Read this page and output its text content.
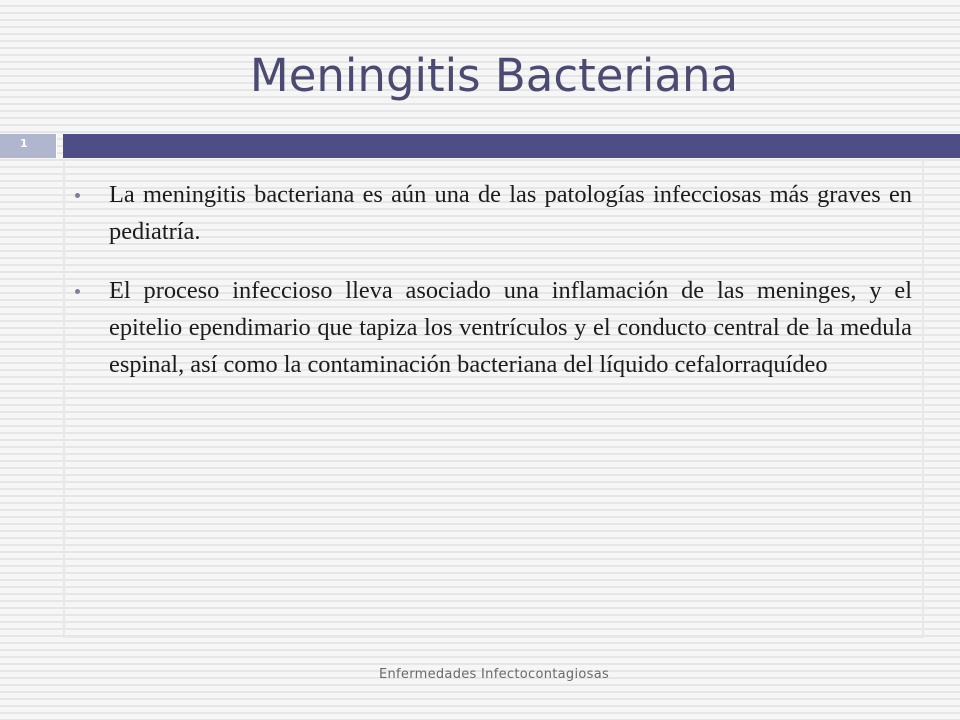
Meningitis Bacteriana
1
La meningitis bacteriana es aún una de las patologías infecciosas más graves en pediatría.
El proceso infeccioso lleva asociado una inflamación de las meninges, y el epitelio ependimario que tapiza los ventrículos y el conducto central de la medula espinal, así como la contaminación bacteriana del líquido cefalorraquídeo
Enfermedades Infectocontagiosas
